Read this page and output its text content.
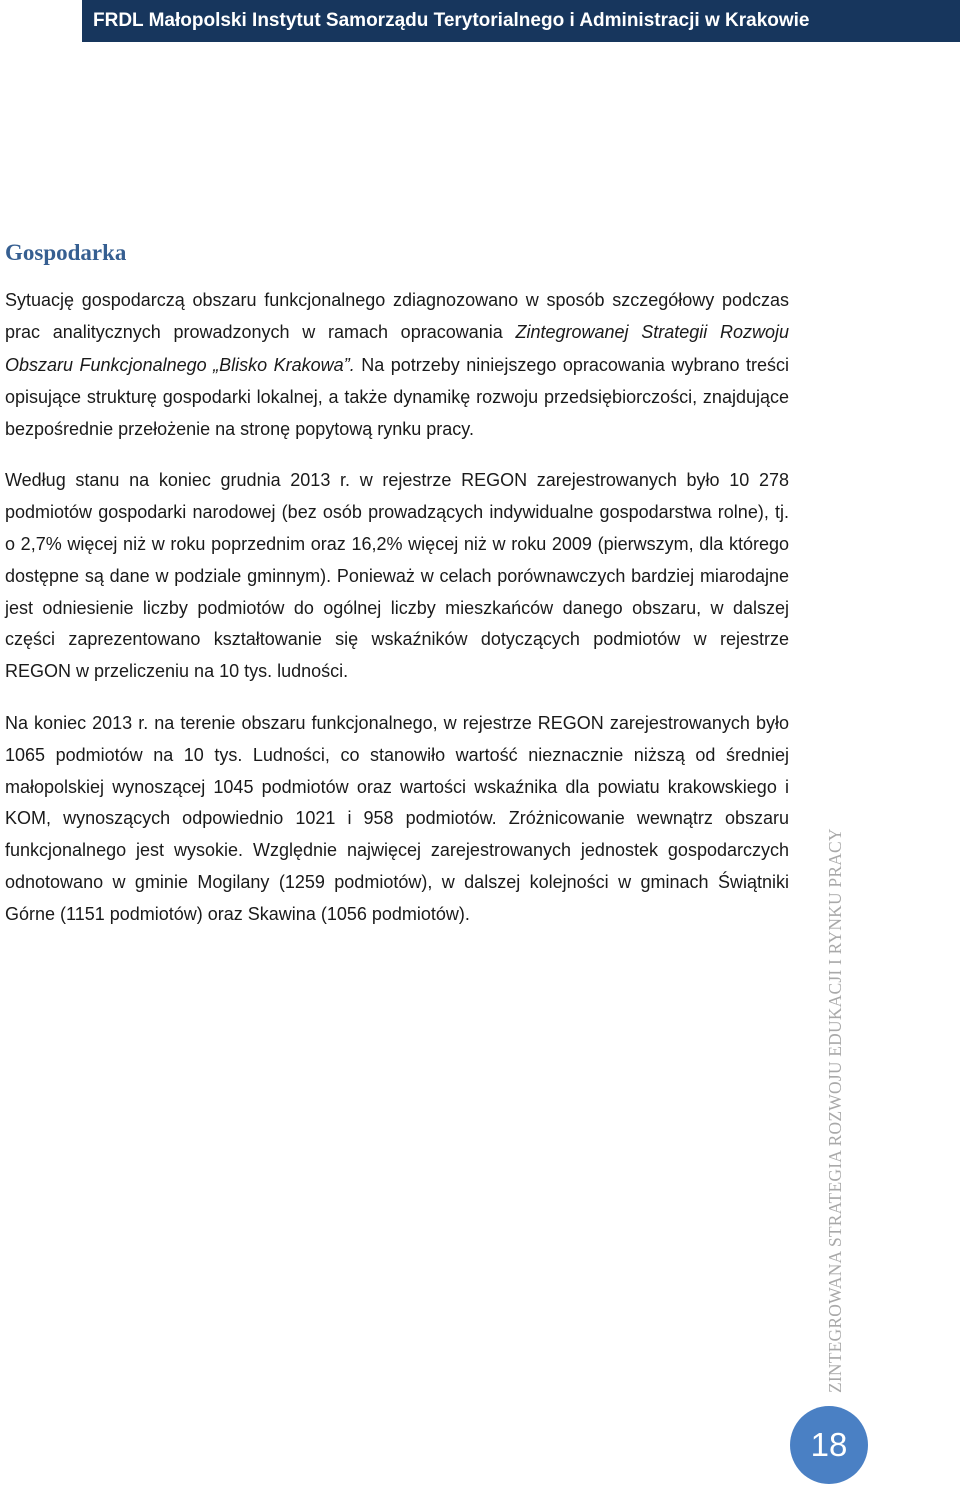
FRDL Małopolski Instytut Samorządu Terytorialnego i Administracji w Krakowie
Gospodarka

Sytuację gospodarczą obszaru funkcjonalnego zdiagnozowano w sposób szczegółowy podczas prac analitycznych prowadzonych w ramach opracowania Zintegrowanej Strategii Rozwoju Obszaru Funkcjonalnego „Blisko Krakowa”. Na potrzeby niniejszego opracowania wybrano treści opisujące strukturę gospodarki lokalnej, a także dynamikę rozwoju przedsiębiorczości, znajdujące bezpośrednie przełożenie na stronę popytową rynku pracy.

Według stanu na koniec grudnia 2013 r. w rejestrze REGON zarejestrowanych było 10 278 podmiotów gospodarki narodowej (bez osób prowadzących indywidualne gospodarstwa rolne), tj. o 2,7% więcej niż w roku poprzednim oraz 16,2% więcej niż w roku 2009 (pierwszym, dla którego dostępne są dane w podziale gminnym). Ponieważ w celach porównawczych bardziej miarodajne jest odniesienie liczby podmiotów do ogólnej liczby mieszkańców danego obszaru, w dalszej części zaprezentowano kształtowanie się wskaźników dotyczących podmiotów w rejestrze REGON w przeliczeniu na 10 tys. ludności.

Na koniec 2013 r. na terenie obszaru funkcjonalnego, w rejestrze REGON zarejestrowanych było 1065 podmiotów na 10 tys. Ludności, co stanowiło wartość nieznacznie niższą od średniej małopolskiej wynoszącej 1045 podmiotów oraz wartości wskaźnika dla powiatu krakowskiego i KOM, wynoszących odpowiednio 1021 i 958 podmiotów. Zróżnicowanie wewnątrz obszaru funkcjonalnego jest wysokie. Względnie najwięcej zarejestrowanych jednostek gospodarczych odnotowano w gminie Mogilany (1259 podmiotów), w dalszej kolejności w gminach Świątniki Górne (1151 podmiotów) oraz Skawina (1056 podmiotów).	ZINTEGROWANA STRATEGIA ROZWOJU EDUKACJI I RYNKU PRACY
18
